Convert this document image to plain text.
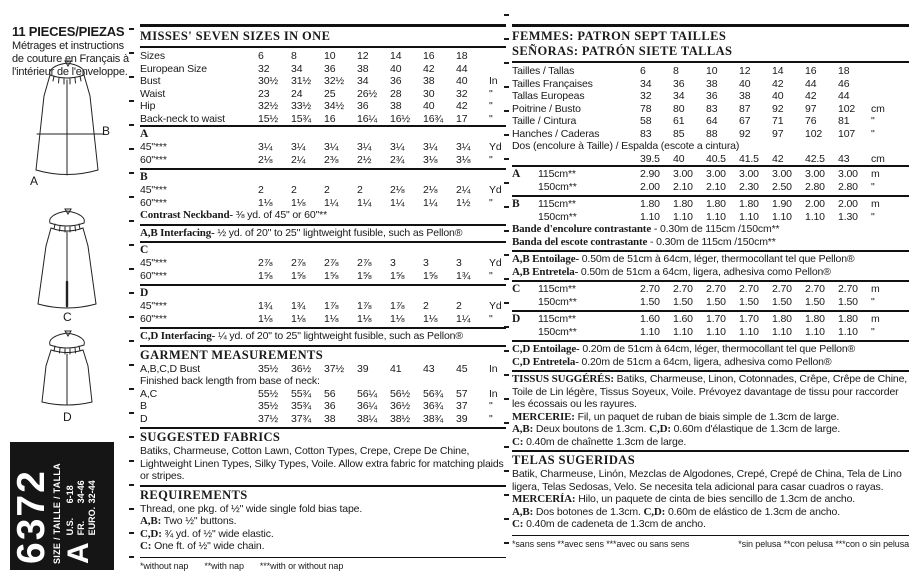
11 PIECES/PIEZAS
Métrages et instructions de couture en Français à l'intérieur de l'enveloppe.
B
A
C
D
6372 SIZE / TAILLE / TALLA A
U.S.
6-18
FR.
34-46
EURO.
32-44
MISSES' SEVEN SIZES IN ONE
Sizes	6	8	10	12	14	16	18
European Size	32	34	36	38	40	42	44
Bust	30½	31½	32½	34	36	38	40	In
Waist	23	24	25	26½	28	30	32	"
Hip	32½	33½	34½	36	38	40	42	"
Back-neck to waist	15½	15¾	16	16¼	16½	16¾	17	"
A
45"***	3¼	3¼	3¼	3¼	3¼	3¼	3¼	Yd
60"***	2⅛	2¼	2⅜	2½	2¾	3⅛	3⅛	"
B
45"***	2	2	2	2	2⅛	2⅛	2¼	Yd
60"***	1⅛	1⅛	1¼	1¼	1¼	1¼	1½	"
Contrast Neckband- ⅜ yd. of 45" or 60"**
A,B Interfacing- ½ yd. of 20" to 25" lightweight fusible, such as Pellon®
C
45"***	2⅞	2⅞	2⅞	2⅞	3	3	3	Yd
60"***	1⅝	1⅝	1⅝	1⅝	1⅝	1⅝	1¾	"
D
45"***	1¾	1¾	1⅞	1⅞	1⅞	2	2	Yd
60"***	1⅛	1⅛	1⅛	1⅛	1⅛	1⅛	1¼	"
C,D Interfacing- ¼ yd. of 20" to 25" lightweight fusible, such as Pellon®
GARMENT MEASUREMENTS
A,B,C,D Bust	35½	36½	37½	39	41	43	45	In
Finished back length from base of neck:
A,C	55½	55¾	56	56¼	56½	56¾	57	In
B	35½	35¾	36	36¼	36½	36¾	37	"
D	37½	37¾	38	38¼	38½	38¾	39	"
SUGGESTED FABRICS
Batiks, Charmeuse, Cotton Lawn, Cotton Types, Crepe, Crepe De Chine, Lightweight Linen Types, Silky Types, Voile. Allow extra fabric for matching plaids or stripes.
REQUIREMENTS
Thread, one pkg. of ½" wide single fold bias tape.
A,B: Two ½" buttons.
C,D: ¾ yd. of ½" wide elastic.
C: One ft. of ½" wide chain.
*without nap **with nap ***with or without nap
FEMMES: PATRON SEPT TAILLES
SEÑORAS: PATRÓN SIETE TALLAS
Tailles / Tallas	6	8	10	12	14	16	18
Tailles Françaises	34	36	38	40	42	44	46
Tallas Europeas	32	34	36	38	40	42	44
Poitrine / Busto	78	80	83	87	92	97	102	cm
Taille / Cintura	58	61	64	67	71	76	81	"
Hanches / Caderas	83	85	88	92	97	102	107	"
Dos (encolure à Taille) / Espalda (escote a cintura)
39.5	40	40.5	41.5	42	42.5	43	cm
A	115cm**	2.90	3.00	3.00	3.00	3.00	3.00	3.00	m
150cm**	2.00	2.10	2.10	2.30	2.50	2.80	2.80	"
B	115cm**	1.80	1.80	1.80	1.80	1.90	2.00	2.00	m
150cm**	1.10	1.10	1.10	1.10	1.10	1.10	1.30	"
Bande d'encolure contrastante - 0.30m de 115cm /150cm**
Banda del escote contrastante - 0.30m de 115cm /150cm**
A,B Entoilage- 0.50m de 51cm à 64cm, léger, thermocollant tel que Pellon®
A,B Entretela- 0.50m de 51cm a 64cm, ligera, adhesiva como Pellon®
C	115cm**	2.70	2.70	2.70	2.70	2.70	2.70	2.70	m
150cm**	1.50	1.50	1.50	1.50	1.50	1.50	1.50	"
D	115cm**	1.60	1.60	1.70	1.70	1.80	1.80	1.80	m
150cm**	1.10	1.10	1.10	1.10	1.10	1.10	1.10	"
C,D Entoilage- 0.20m de 51cm à 64cm, léger, thermocollant tel que Pellon®
C,D Entretela- 0.20m de 51cm a 64cm, ligera, adhesiva como Pellon®
TISSUS SUGGÉRÉS: Batiks, Charmeuse, Linon, Cotonnades, Crêpe, Crêpe de Chine, Toile de Lin légère, Tissus Soyeux, Voile. Prévoyez davantage de tissu pour raccorder les écossais ou les rayures.
MERCERIE: Fil, un paquet de ruban de biais simple de 1.3cm de large.
A,B: Deux boutons de 1.3cm. C,D: 0.60m d'élastique de 1.3cm de large.
C: 0.40m de chaînette 1.3cm de large.
TELAS SUGERIDAS
Batik, Charmeuse, Linón, Mezclas de Algodones, Crepé, Crepé de China, Tela de Lino ligera, Telas Sedosas, Velo. Se necesita tela adicional para casar cuadros o rayas.
MERCERÍA: Hilo, un paquete de cinta de bies sencillo de 1.3cm de ancho.
A,B: Dos botones de 1.3cm. C,D: 0.60m de elástico de 1.3cm de ancho.
C: 0.40m de cadeneta de 1.3cm de ancho.
*sans sens **avec sens ***avec ou sans sens	*sin pelusa **con pelusa ***con o sin pelusa
